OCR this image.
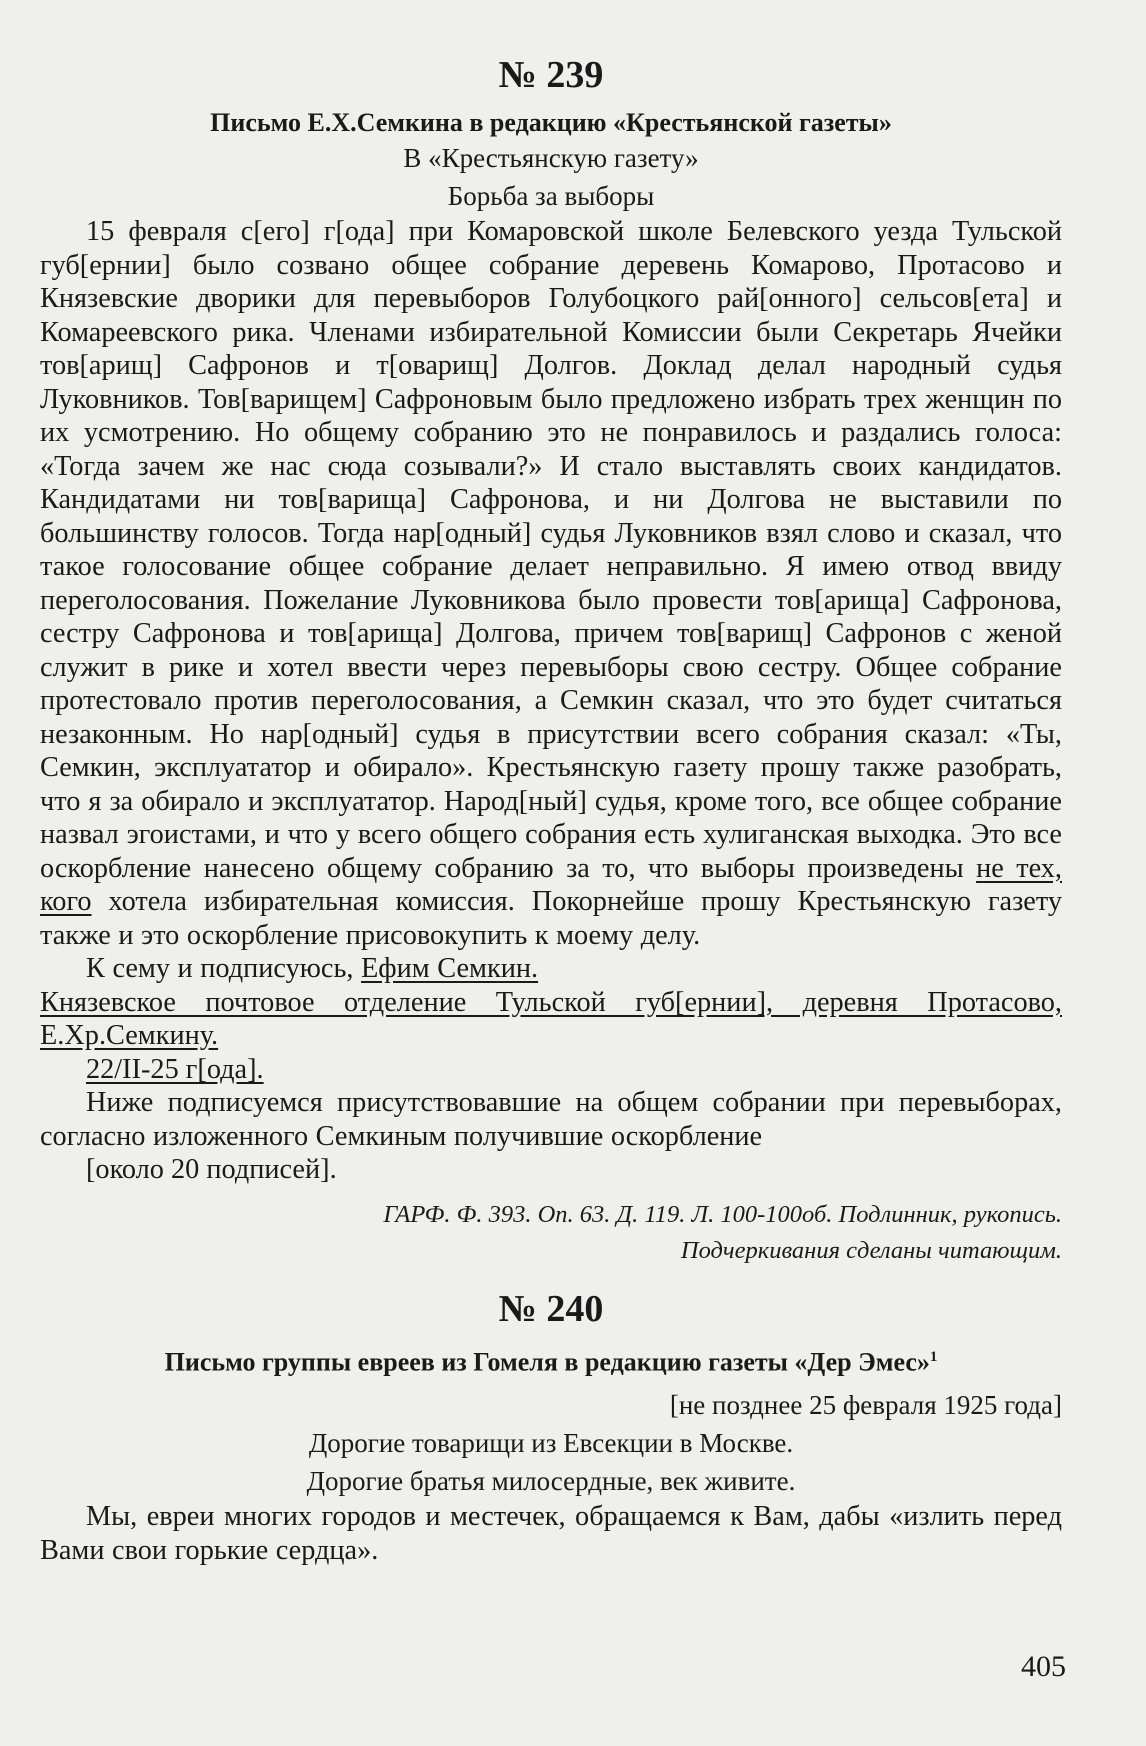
№ 239
Письмо Е.Х.Семкина в редакцию «Крестьянской газеты»
В «Крестьянскую газету»
Борьба за выборы

15 февраля с[его] г[ода] при Комаровской школе Белевского уезда Тульской губ[ернии] было созвано общее собрание деревень Комарово, Протасово и Князевские дворики для перевыборов Голубоцкого рай[онного] сельсов[ета] и Комареевского рика. Членами избирательной Комиссии были Секретарь Ячейки тов[арищ] Сафронов и т[оварищ] Долгов. Доклад делал народный судья Луковников. Тов[варищем] Сафроновым было предложено избрать трех женщин по их усмотрению. Но общему собранию это не понравилось и раздались голоса: «Тогда зачем же нас сюда созывали?» И стало выставлять своих кандидатов. Кандидатами ни тов[варища] Сафронова, и ни Долгова не выставили по большинству голосов. Тогда нар[одный] судья Луковников взял слово и сказал, что такое голосование общее собрание делает неправильно. Я имею отвод ввиду переголосования. Пожелание Луковникова было провести тов[арища] Сафронова, сестру Сафронова и тов[арища] Долгова, причем тов[варищ] Сафронов с женой служит в рике и хотел ввести через перевыборы свою сестру. Общее собрание протестовало против переголосования, а Семкин сказал, что это будет считаться незаконным. Но нар[одный] судья в присутствии всего собрания сказал: «Ты, Семкин, эксплуататор и обирало». Крестьянскую газету прошу также разобрать, что я за обирало и эксплуататор. Народ[ный] судья, кроме того, все общее собрание назвал эгоистами, и что у всего общего собрания есть хулиганская выходка. Это все оскорбление нанесено общему собранию за то, что выборы произведены не тех, кого хотела избирательная комиссия. Покорнейше прошу Крестьянскую газету также и это оскорбление присовокупить к моему делу.

К сему и подписуюсь, Ефим Семкин.

Князевское почтовое отделение Тульской губ[ернии], деревня Протасово, Е.Хр.Семкину.

22/II-25 г[ода].

Ниже подписуемся присутствовавшие на общем собрании при перевыборах, согласно изложенного Семкиным получившие оскорбление

[около 20 подписей].

ГАРФ. Ф. 393. Оп. 63. Д. 119. Л. 100-100об. Подлинник, рукопись.
Подчеркивания сделаны читающим.
№ 240
Письмо группы евреев из Гомеля в редакцию газеты «Дер Эмес»$^1$
[не позднее 25 февраля 1925 года]
Дорогие товарищи из Евсекции в Москве.
Дорогие братья милосердные, век живите.

Мы, евреи многих городов и местечек, обращаемся к Вам, дабы «излить перед Вами свои горькие сердца».

405
